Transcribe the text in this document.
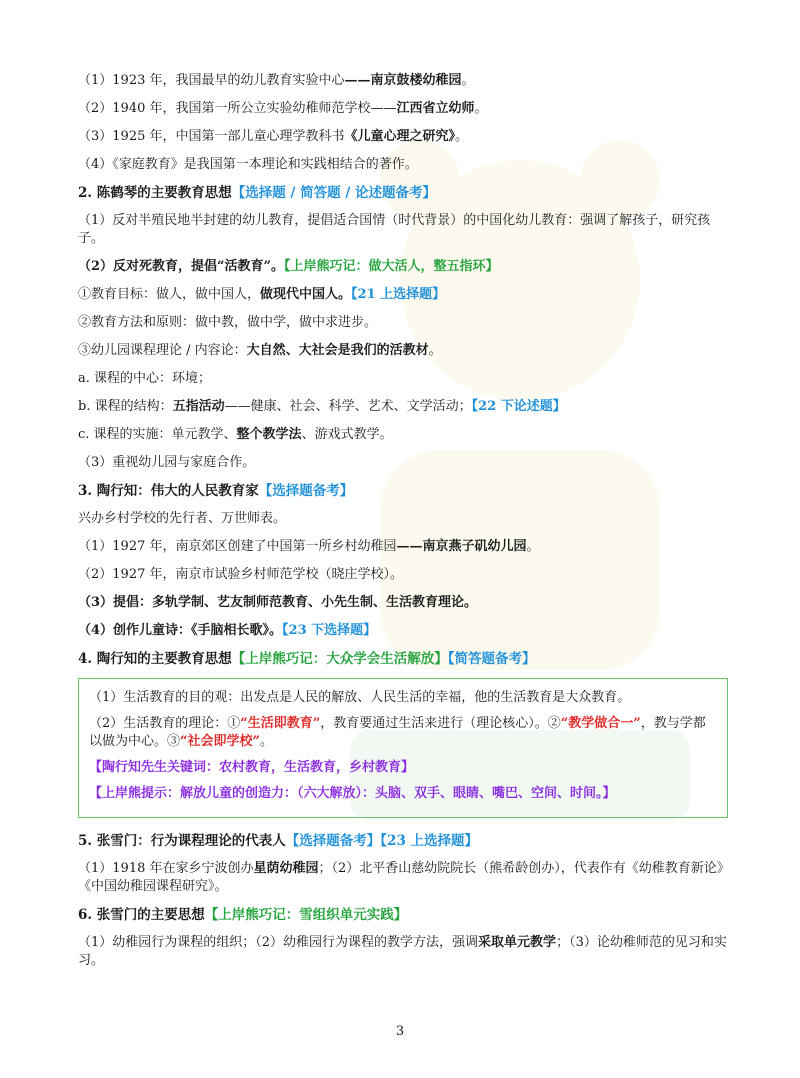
（1）1923 年，我国最早的幼儿教育实验中心——南京鼓楼幼稚园。

（2）1940 年，我国第一所公立实验幼稚师范学校——江西省立幼师。

（3）1925 年，中国第一部儿童心理学教科书《儿童心理之研究》。

（4）《家庭教育》是我国第一本理论和实践相结合的著作。

2. 陈鹤琴的主要教育思想【选择题 / 简答题 / 论述题备考】

（1）反对半殖民地半封建的幼儿教育，提倡适合国情（时代背景）的中国化幼儿教育：强调了解孩子，研究孩子。

（2）反对死教育，提倡“活教育”。【上岸熊巧记：做大活人，整五指环】

①教育目标：做人，做中国人，做现代中国人。【21 上选择题】

②教育方法和原则：做中教，做中学，做中求进步。

③幼儿园课程理论 / 内容论：大自然、大社会是我们的活教材。

a. 课程的中心：环境；

b. 课程的结构：五指活动——健康、社会、科学、艺术、文学活动；【22 下论述题】

c. 课程的实施：单元教学、整个教学法、游戏式教学。

（3）重视幼儿园与家庭合作。

3. 陶行知：伟大的人民教育家【选择题备考】

兴办乡村学校的先行者、万世师表。

（1）1927 年，南京郊区创建了中国第一所乡村幼稚园——南京燕子矶幼儿园。

（2）1927 年，南京市试验乡村师范学校（晓庄学校）。

（3）提倡：多轨学制、艺友制师范教育、小先生制、生活教育理论。

（4）创作儿童诗：《手脑相长歌》。【23 下选择题】

4. 陶行知的主要教育思想【上岸熊巧记：大众学会生活解放】【简答题备考】

（1）生活教育的目的观：出发点是人民的解放、人民生活的幸福，他的生活教育是大众教育。

（2）生活教育的理论：①“生活即教育”，教育要通过生活来进行（理论核心）。②“教学做合一”，教与学都以做为中心。③“社会即学校”。

【陶行知先生关键词：农村教育，生活教育，乡村教育】

【上岸熊提示：解放儿童的创造力：（六大解放）：头脑、双手、眼睛、嘴巴、空间、时间。】

5. 张雪门：行为课程理论的代表人【选择题备考】【23 上选择题】

（1）1918 年在家乡宁波创办星荫幼稚园；（2）北平香山慈幼院院长（熊希龄创办），代表作有《幼稚教育新论》《中国幼稚园课程研究》。

6. 张雪门的主要思想【上岸熊巧记：雪组织单元实践】

（1）幼稚园行为课程的组织；（2）幼稚园行为课程的教学方法，强调采取单元教学；（3）论幼稚师范的见习和实习。

3
